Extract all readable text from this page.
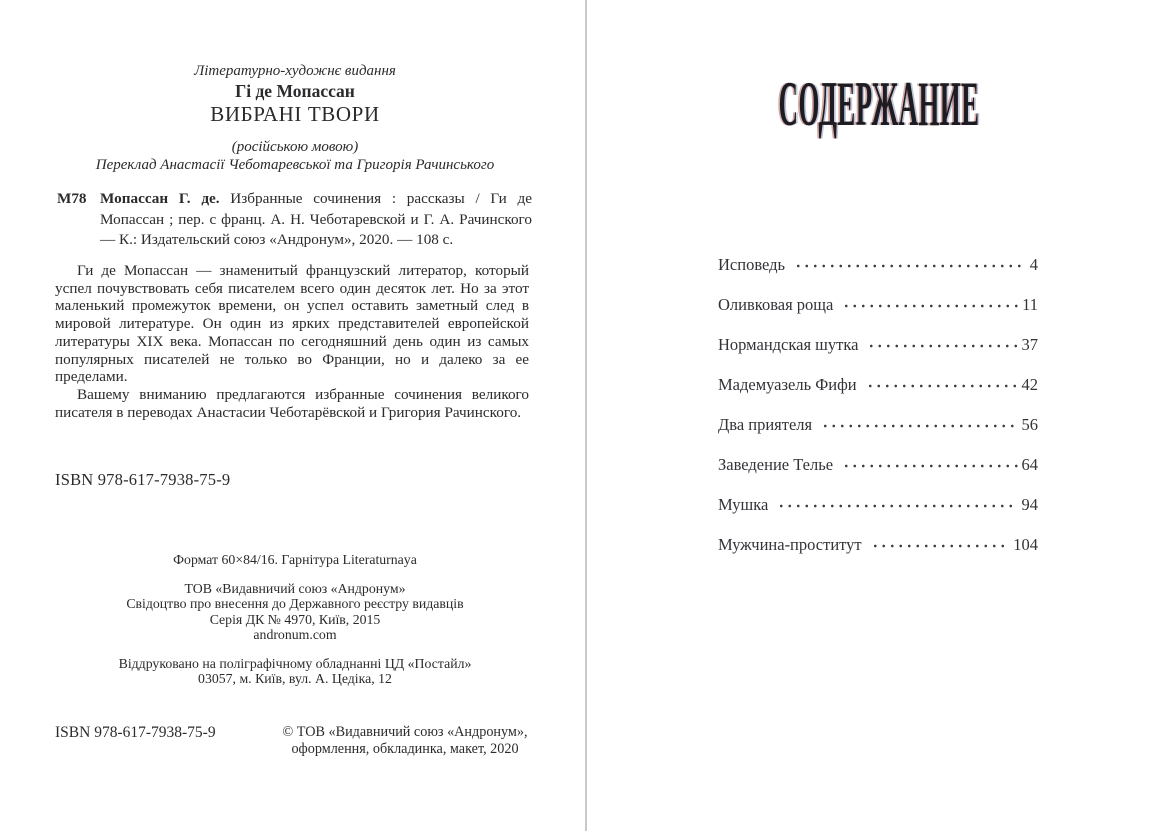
Літературно-художнє видання
Гі де Мопассан
ВИБРАНІ ТВОРИ
(російською мовою)
Переклад Анастасії Чеботаревської та Григорія Рачинського
М78 Мопассан Г. де. Избранные сочинения : рассказы / Ги де Мопассан ; пер. с франц. А. Н. Чеботаревской и Г. А. Рачинского — К.: Издательский союз «Андронум», 2020. — 108 с.

Ги де Мопассан — знаменитый французский литератор, который успел почувствовать себя писателем всего один десяток лет. Но за этот маленький промежуток времени, он успел оставить заметный след в мировой литературе. Он один из ярких представителей европейской литературы XIX века. Мопассан по сегодняшний день один из самых популярных писателей не только во Франции, но и далеко за ее пределами.

Вашему вниманию предлагаются избранные сочинения великого писателя в переводах Анастасии Чеботарёвской и Григория Рачинского.

ISBN 978-617-7938-75-9
Формат 60×84/16. Гарнітура Literaturnaya
ТОВ «Видавничий союз «Андронум»
Свідоцтво про внесення до Державного реєстру видавців
Серія ДК № 4970, Київ, 2015
andronum.com
Віддруковано на поліграфічному обладнанні ЦД «Постайл»
03057, м. Київ, вул. А. Цедіка, 12
ISBN 978-617-7938-75-9	© ТОВ «Видавничий союз «Андронум»,
оформлення, обкладинка, макет, 2020
СОДЕРЖАНИЕ
Исповедь	4
Оливковая роща	11
Нормандская шутка	37
Мадемуазель Фифи	42
Два приятеля	56
Заведение Телье	64
Мушка	94
Мужчина-проститут	104
